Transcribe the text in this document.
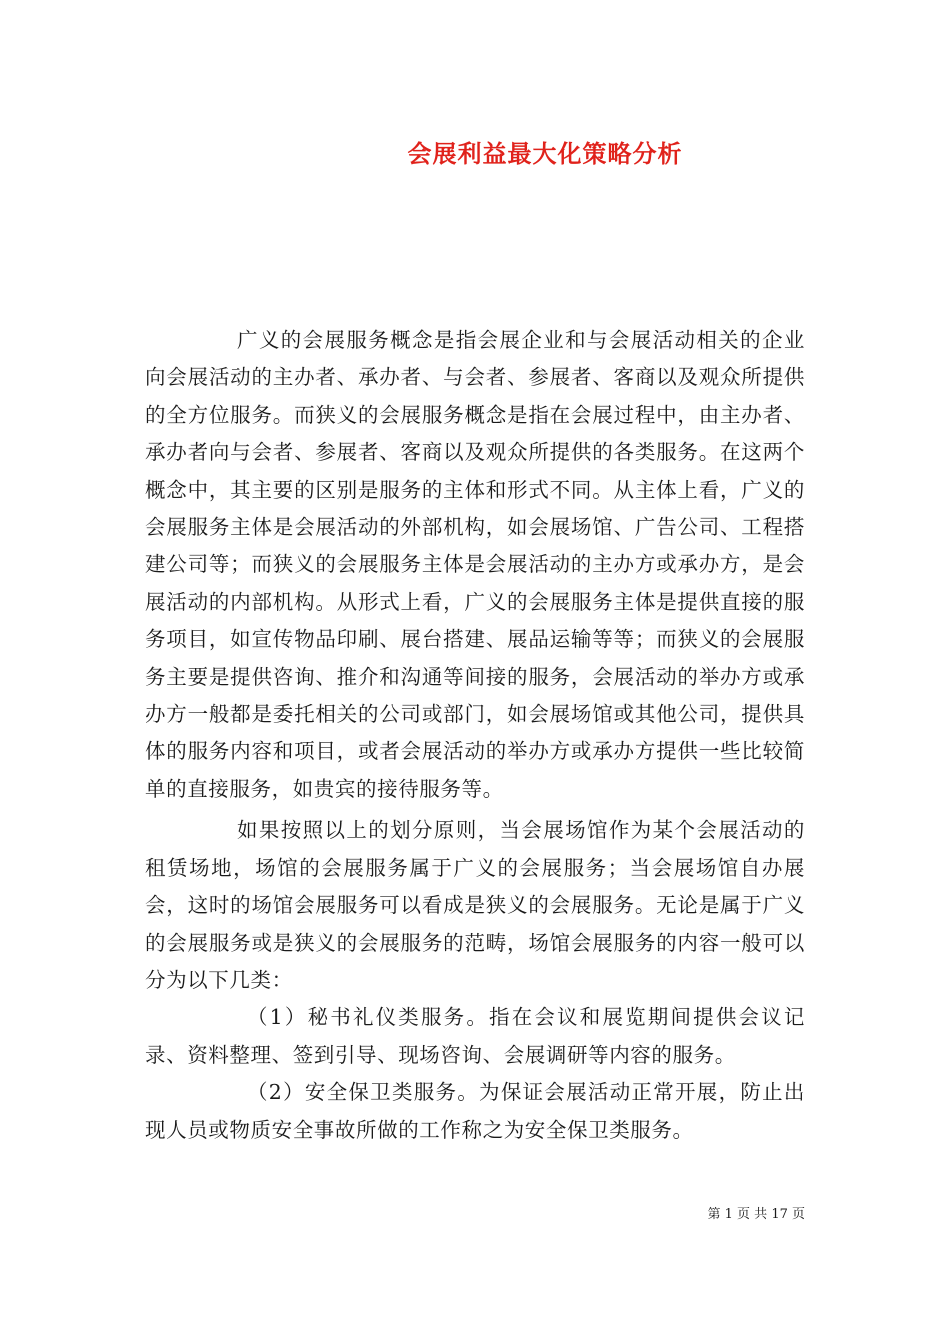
会展利益最大化策略分析

广义的会展服务概念是指会展企业和与会展活动相关的企业向会展活动的主办者、承办者、与会者、参展者、客商以及观众所提供的全方位服务。而狭义的会展服务概念是指在会展过程中，由主办者、承办者向与会者、参展者、客商以及观众所提供的各类服务。在这两个概念中，其主要的区别是服务的主体和形式不同。从主体上看，广义的会展服务主体是会展活动的外部机构，如会展场馆、广告公司、工程搭建公司等；而狭义的会展服务主体是会展活动的主办方或承办方，是会展活动的内部机构。从形式上看，广义的会展服务主体是提供直接的服务项目，如宣传物品印刷、展台搭建、展品运输等等；而狭义的会展服务主要是提供咨询、推介和沟通等间接的服务，会展活动的举办方或承办方一般都是委托相关的公司或部门，如会展场馆或其他公司，提供具体的服务内容和项目，或者会展活动的举办方或承办方提供一些比较简单的直接服务，如贵宾的接待服务等。

如果按照以上的划分原则，当会展场馆作为某个会展活动的租赁场地，场馆的会展服务属于广义的会展服务；当会展场馆自办展会，这时的场馆会展服务可以看成是狭义的会展服务。无论是属于广义的会展服务或是狭义的会展服务的范畴，场馆会展服务的内容一般可以分为以下几类：

（1）秘书礼仪类服务。指在会议和展览期间提供会议记录、资料整理、签到引导、现场咨询、会展调研等内容的服务。

（2）安全保卫类服务。为保证会展活动正常开展，防止出现人员或物质安全事故所做的工作称之为安全保卫类服务。

第 1 页 共 17 页
